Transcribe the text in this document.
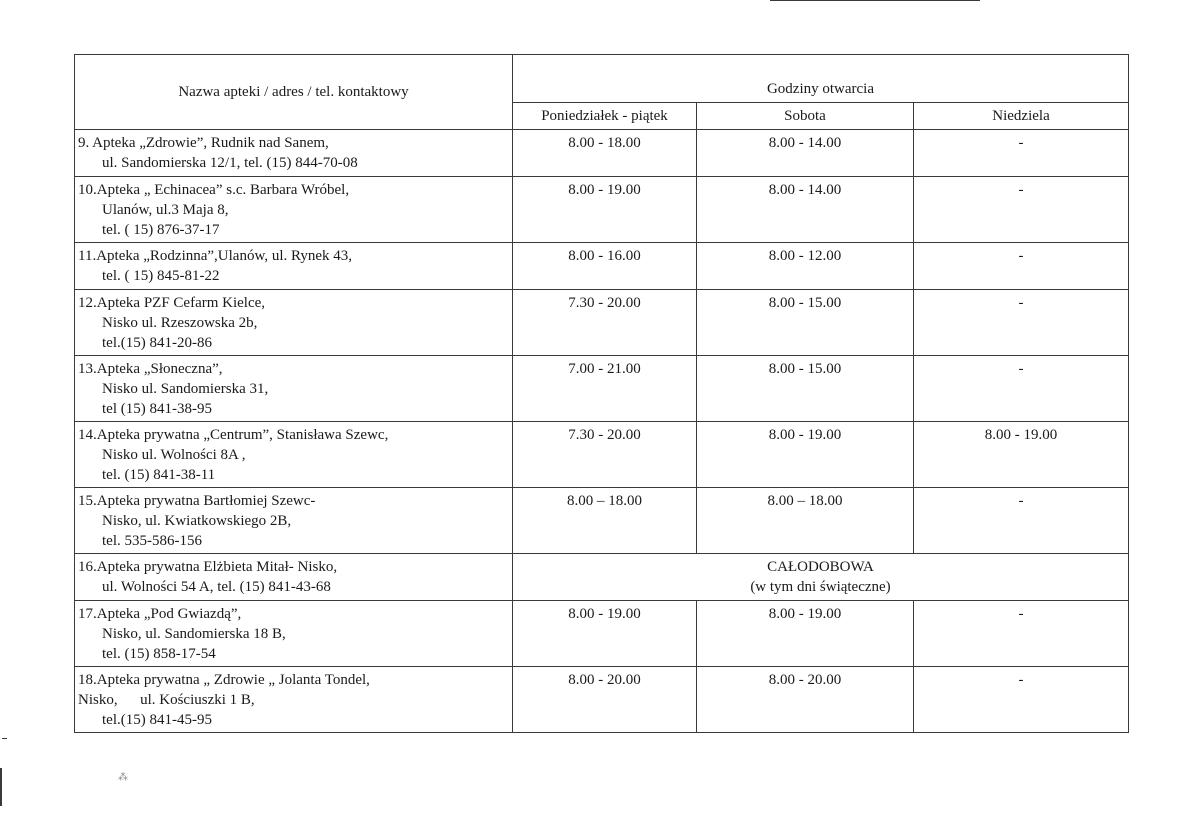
Nazwa apteki / adres / tel. kontaktowy	Godziny otwarcia		
	Poniedziałek - piątek	Sobota	Niedziela

9. Apteka „Zdrowie”, Rudnik nad Sanem,
ul. Sandomierska 12/1, tel. (15) 844-70-08	8.00 - 18.00	8.00 - 14.00	-

10.Apteka „ Echinacea” s.c. Barbara Wróbel,
Ulanów, ul.3 Maja 8,
tel. ( 15) 876-37-17	8.00 - 19.00	8.00 - 14.00	-

11.Apteka „Rodzinna”,Ulanów, ul. Rynek 43,
tel. ( 15) 845-81-22	8.00 - 16.00	8.00 - 12.00	-

12.Apteka PZF Cefarm Kielce,
Nisko ul. Rzeszowska 2b,
tel.(15) 841-20-86	7.30 - 20.00	8.00 - 15.00	-

13.Apteka „Słoneczna”,
Nisko ul. Sandomierska 31,
tel (15) 841-38-95	7.00 - 21.00	8.00 - 15.00	-

14.Apteka prywatna „Centrum”, Stanisława Szewc,
Nisko ul. Wolności 8A ,
tel. (15) 841-38-11	7.30 - 20.00	8.00 - 19.00	8.00 - 19.00

15.Apteka prywatna Bartłomiej Szewc-
Nisko, ul. Kwiatkowskiego 2B,
tel. 535-586-156	8.00 – 18.00	8.00 – 18.00	-

16.Apteka prywatna Elżbieta Mitał- Nisko,
ul. Wolności 54 A, tel. (15) 841-43-68	CAŁODOBOWA
(w tym dni świąteczne)		

17.Apteka „Pod Gwiazdą”,
Nisko, ul. Sandomierska 18 B,
tel. (15) 858-17-54	8.00 - 19.00	8.00 - 19.00	-

18.Apteka prywatna „ Zdrowie „ Jolanta Tondel,
Nisko,      ul. Kościuszki 1 B,
tel.(15) 841-45-95	8.00 - 20.00	8.00 - 20.00	-
⁂
